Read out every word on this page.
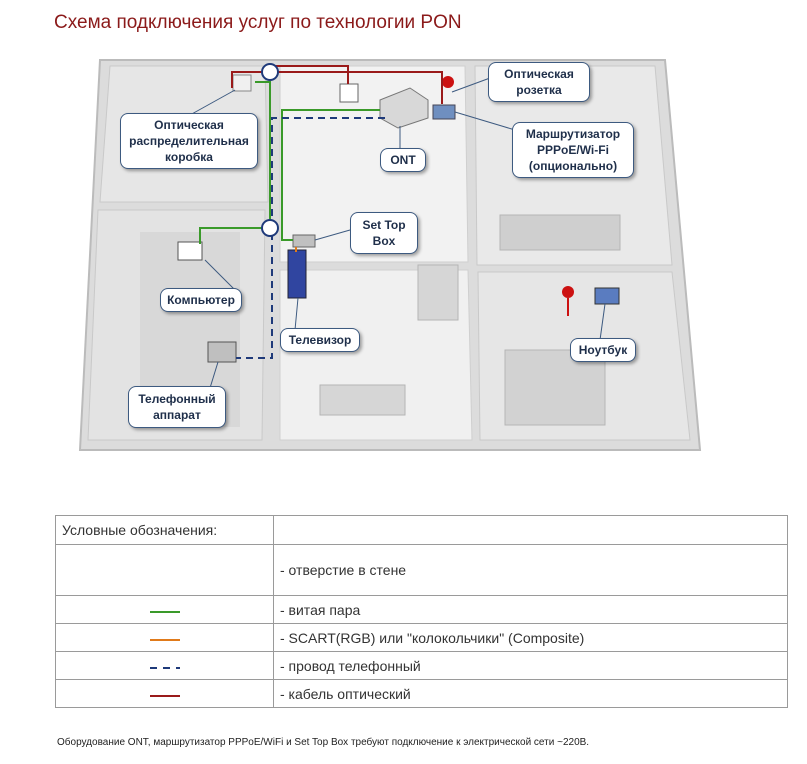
Схема подключения услуг по технологии PON
Оптическая
распределительная
коробка
Оптическая
розетка
Маршрутизатор
PPPoE/Wi-Fi
(опционально)
ONT
Set Top
Box
Компьютер
Телевизор
Телефонный
аппарат
Ноутбук
Условные обозначения:	
	- отверстие в стене
	- витая пара
	- SCART(RGB) или "колокольчики" (Composite)
	- провод телефонный
	- кабель оптический
Оборудование ONT, маршрутизатор PPPoE/WiFi и Set Top Box требуют подключение к электрической сети ~220В.
